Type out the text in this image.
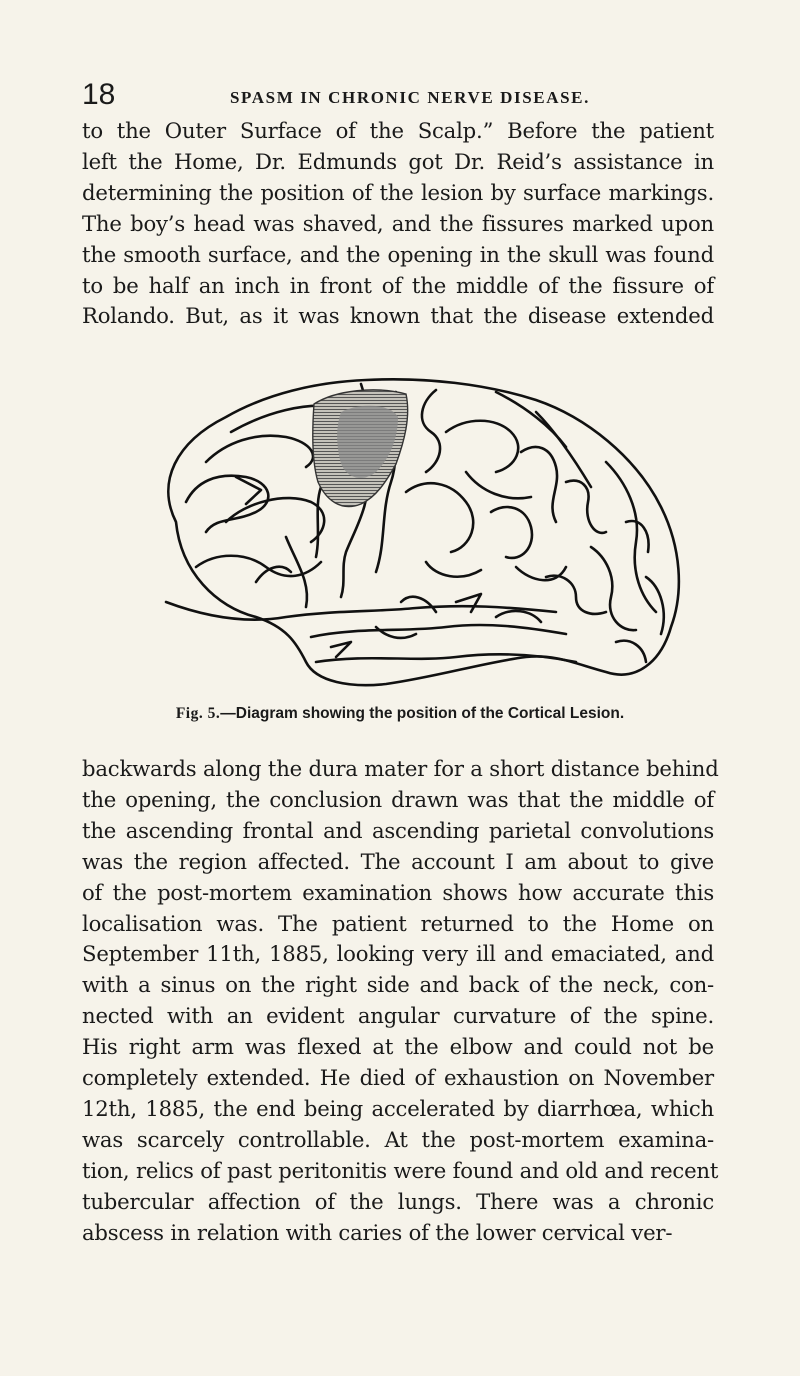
18	SPASM IN CHRONIC NERVE DISEASE.
to the Outer Surface of the Scalp.” Before the patient
left the Home, Dr. Edmunds got Dr. Reid’s assistance in
determining the position of the lesion by surface markings.
The boy’s head was shaved, and the fissures marked upon
the smooth surface, and the opening in the skull was found
to be half an inch in front of the middle of the fissure of
Rolando. But, as it was known that the disease extended
Fig. 5.—Diagram showing the position of the Cortical Lesion.
backwards along the dura mater for a short distance behind
the opening, the conclusion drawn was that the middle of
the ascending frontal and ascending parietal convolutions
was the region affected. The account I am about to give
of the post-mortem examination shows how accurate this
localisation was. The patient returned to the Home on
September 11th, 1885, looking very ill and emaciated, and
with a sinus on the right side and back of the neck, con-
nected with an evident angular curvature of the spine.
His right arm was flexed at the elbow and could not be
completely extended. He died of exhaustion on November
12th, 1885, the end being accelerated by diarrhœa, which
was scarcely controllable. At the post-mortem examina-
tion, relics of past peritonitis were found and old and recent
tubercular affection of the lungs. There was a chronic
abscess in relation with caries of the lower cervical ver-
